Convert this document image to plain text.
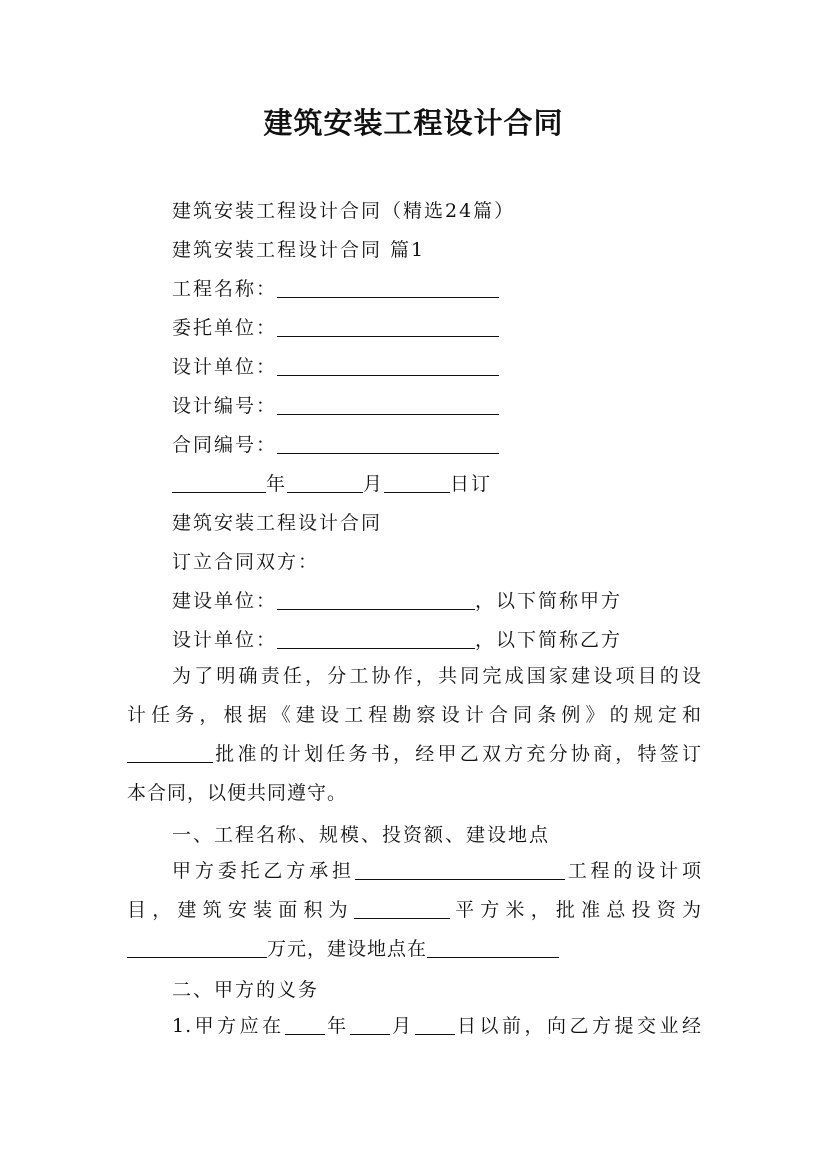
建筑安装工程设计合同
建筑安装工程设计合同（精选24篇）
建筑安装工程设计合同 篇1
工程名称：
委托单位：
设计单位：
设计编号：
合同编号：
年	月	日订
建筑安装工程设计合同
订立合同双方：
建设单位：	，以下简称甲方
设计单位：	，以下简称乙方
为了明确责任，分工协作，共同完成国家建设项目的设
计任务，根据《建设工程勘察设计合同条例》的规定和
批准的计划任务书，经甲乙双方充分协商，特签订
本合同，以便共同遵守。
一、工程名称、规模、投资额、建设地点
甲方委托乙方承担	工程的设计项
目，建筑安装面积为	平方米，批准总投资为
万元，建设地点在
二、甲方的义务
1.甲方应在 年 月 日以前，向乙方提交业经
